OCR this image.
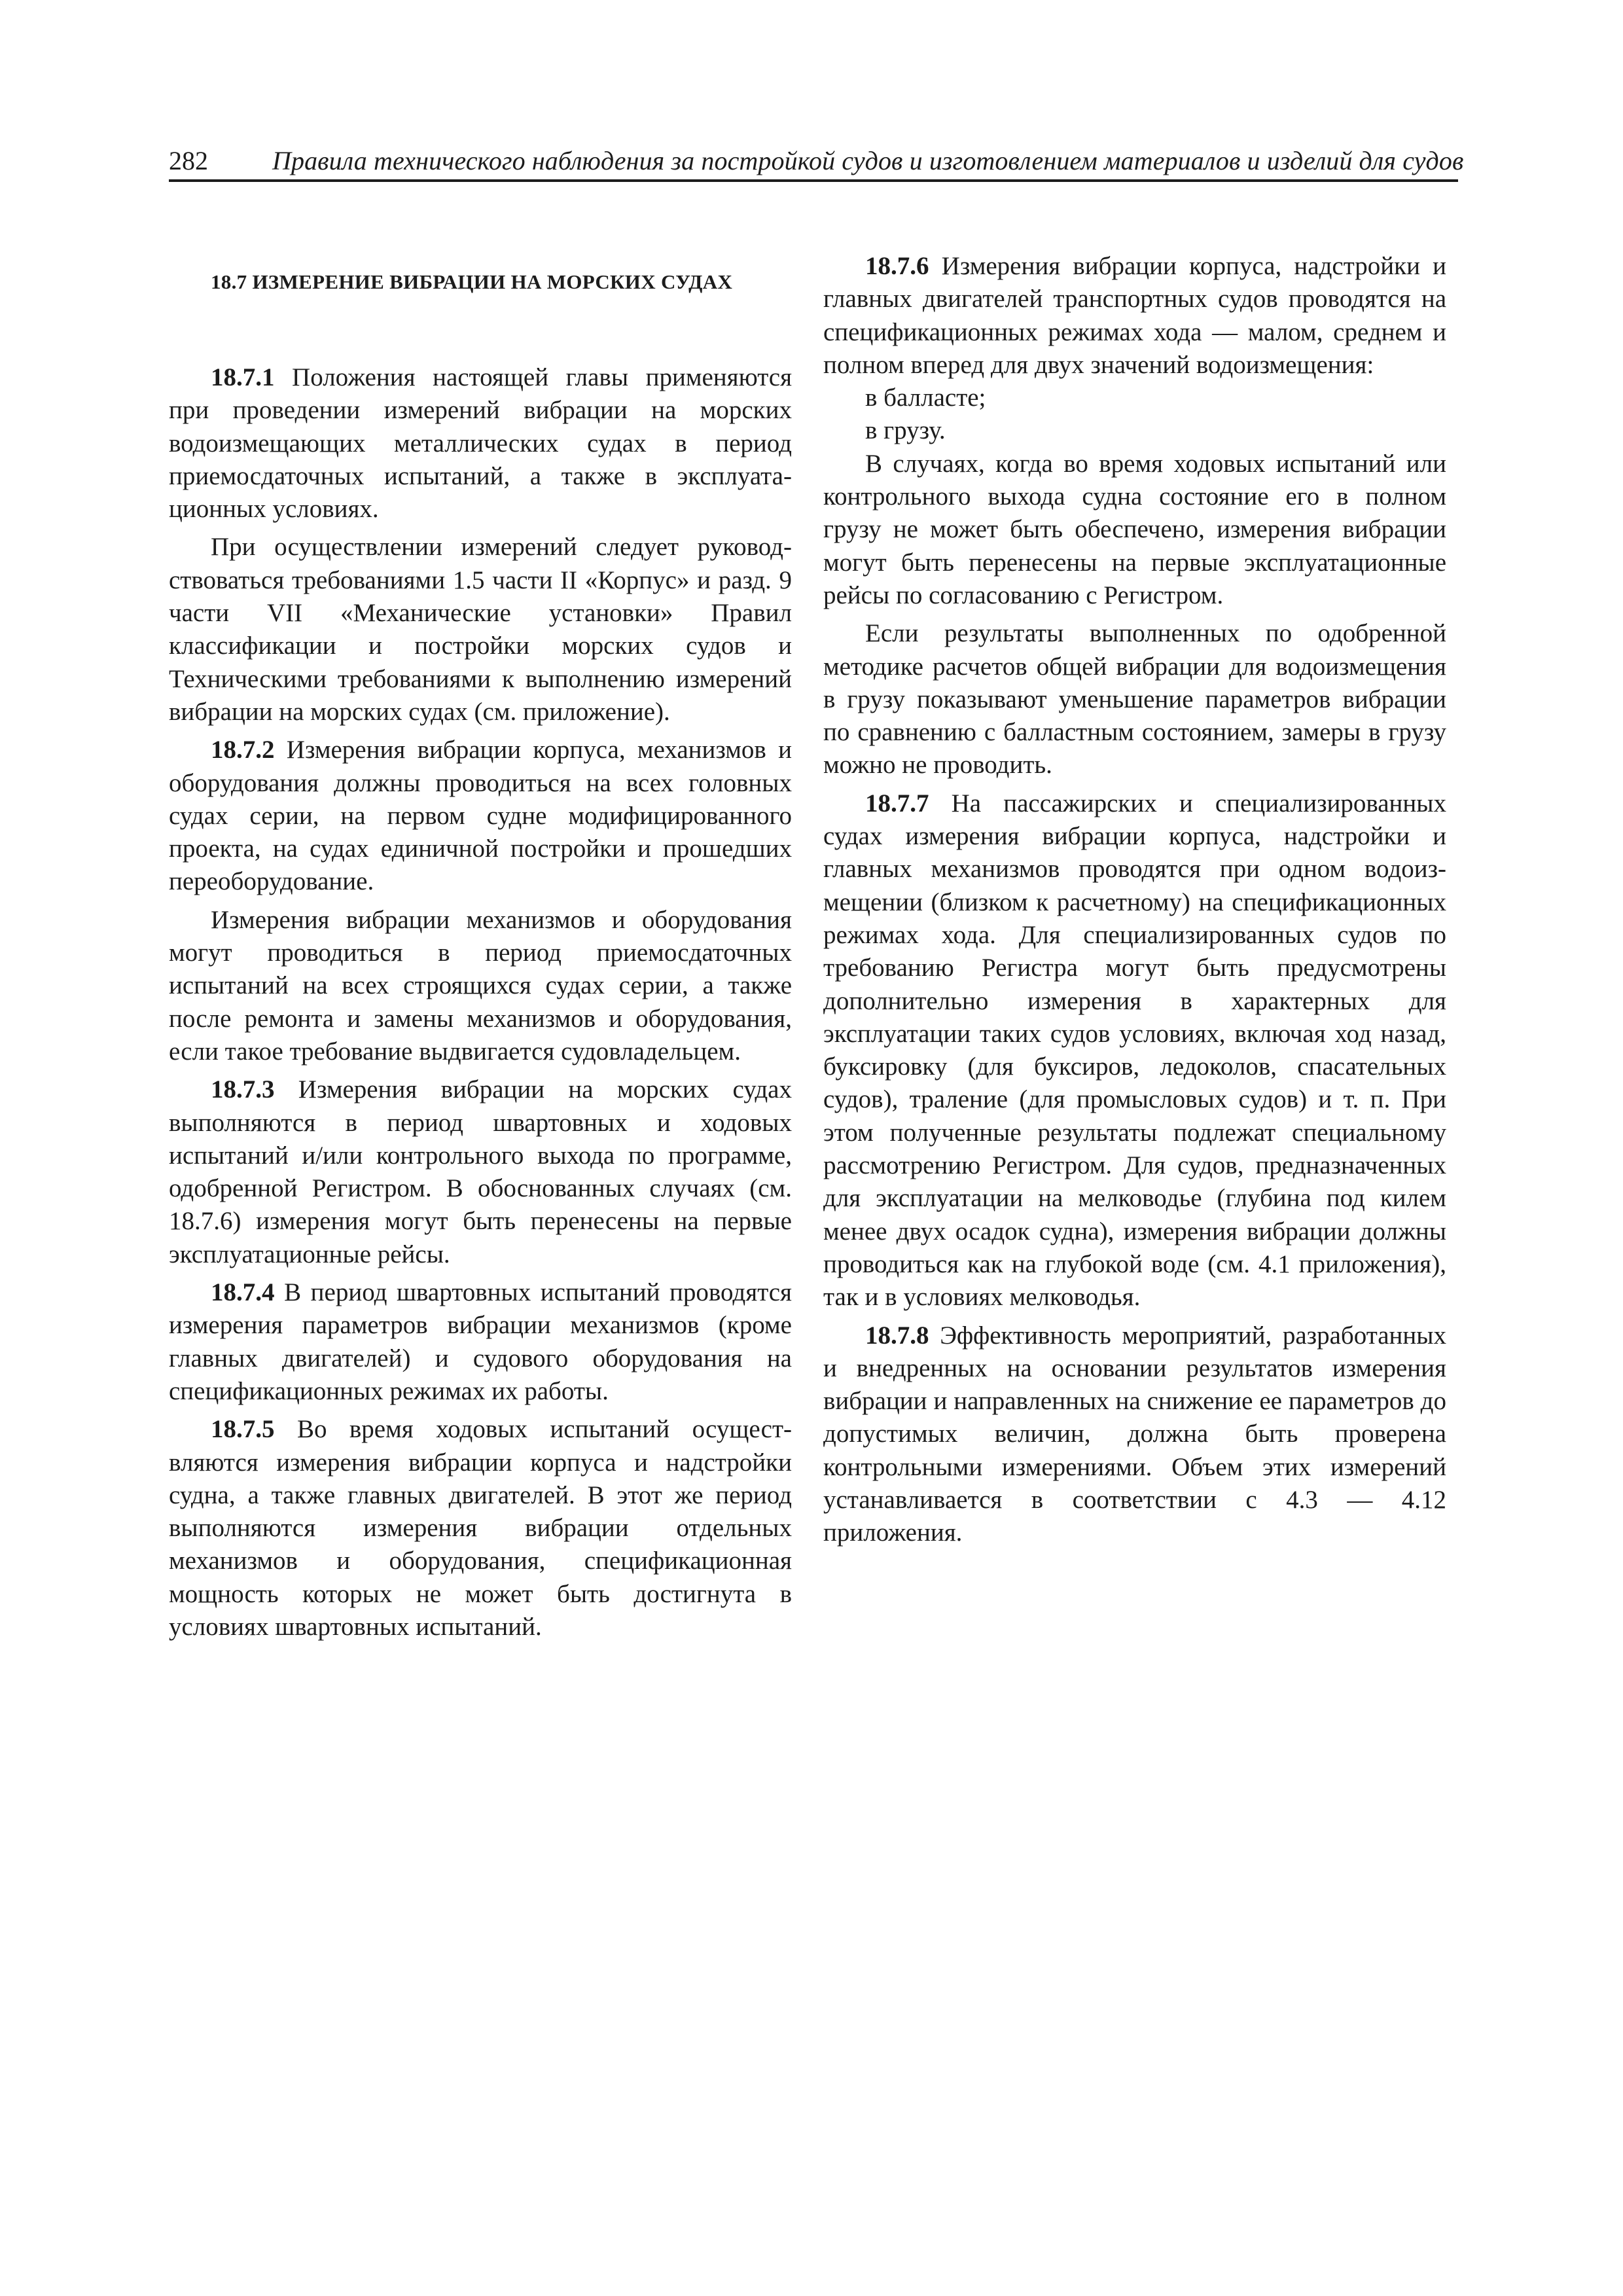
282 Правила технического наблюдения за постройкой судов и изготовлением материалов и изделий для судов
18.7 ИЗМЕРЕНИЕ ВИБРАЦИИ НА МОРСКИХ СУДАХ

18.7.1 Положения настоящей главы применяются при проведении измерений вибрации на морских водоизмещающих металлических судах в период приемосдаточных испытаний, а также в эксплуатационных условиях.

При осуществлении измерений следует руководствоваться требованиями 1.5 части II «Корпус» и разд. 9 части VII «Механические установки» Правил классификации и постройки морских судов и Техническими требованиями к выполнению измерений вибрации на морских судах (см. приложение).

18.7.2 Измерения вибрации корпуса, механизмов и оборудования должны проводиться на всех головных судах серии, на первом судне модифицированного проекта, на судах единичной постройки и прошедших переоборудование.

Измерения вибрации механизмов и оборудования могут проводиться в период приемосдаточных испытаний на всех строящихся судах серии, а также после ремонта и замены механизмов и оборудования, если такое требование выдвигается судовладельцем.

18.7.3 Измерения вибрации на морских судах выполняются в период швартовных и ходовых испытаний и/или контрольного выхода по программе, одобренной Регистром. В обоснованных случаях (см. 18.7.6) измерения могут быть перенесены на первые эксплуатационные рейсы.

18.7.4 В период швартовных испытаний проводятся измерения параметров вибрации механизмов (кроме главных двигателей) и судового оборудования на спецификационных режимах их работы.

18.7.5 Во время ходовых испытаний осуществляются измерения вибрации корпуса и надстройки судна, а также главных двигателей. В этот же период выполняются измерения вибрации отдельных механизмов и оборудования, спецификационная мощность которых не может быть достигнута в условиях швартовных испытаний.

18.7.6 Измерения вибрации корпуса, надстройки и главных двигателей транспортных судов проводятся на спецификационных режимах хода — малом, среднем и полном вперед для двух значений водоизмещения:

в балласте;

в грузу.

В случаях, когда во время ходовых испытаний или контрольного выхода судна состояние его в полном грузу не может быть обеспечено, измерения вибрации могут быть перенесены на первые эксплуатационные рейсы по согласованию с Регистром.

Если результаты выполненных по одобренной методике расчетов общей вибрации для водоизмещения в грузу показывают уменьшение параметров вибрации по сравнению с балластным состоянием, замеры в грузу можно не проводить.

18.7.7 На пассажирских и специализированных судах измерения вибрации корпуса, надстройки и главных механизмов проводятся при одном водоизмещении (близком к расчетному) на спецификационных режимах хода. Для специализированных судов по требованию Регистра могут быть предусмотрены дополнительно измерения в характерных для эксплуатации таких судов условиях, включая ход назад, буксировку (для буксиров, ледоколов, спасательных судов), траление (для промысловых судов) и т. п. При этом полученные результаты подлежат специальному рассмотрению Регистром. Для судов, предназначенных для эксплуатации на мелководье (глубина под килем менее двух осадок судна), измерения вибрации должны проводиться как на глубокой воде (см. 4.1 приложения), так и в условиях мелководья.

18.7.8 Эффективность мероприятий, разработанных и внедренных на основании результатов измерения вибрации и направленных на снижение ее параметров до допустимых величин, должна быть проверена контрольными измерениями. Объем этих измерений устанавливается в соответствии с 4.3 — 4.12 приложения.
